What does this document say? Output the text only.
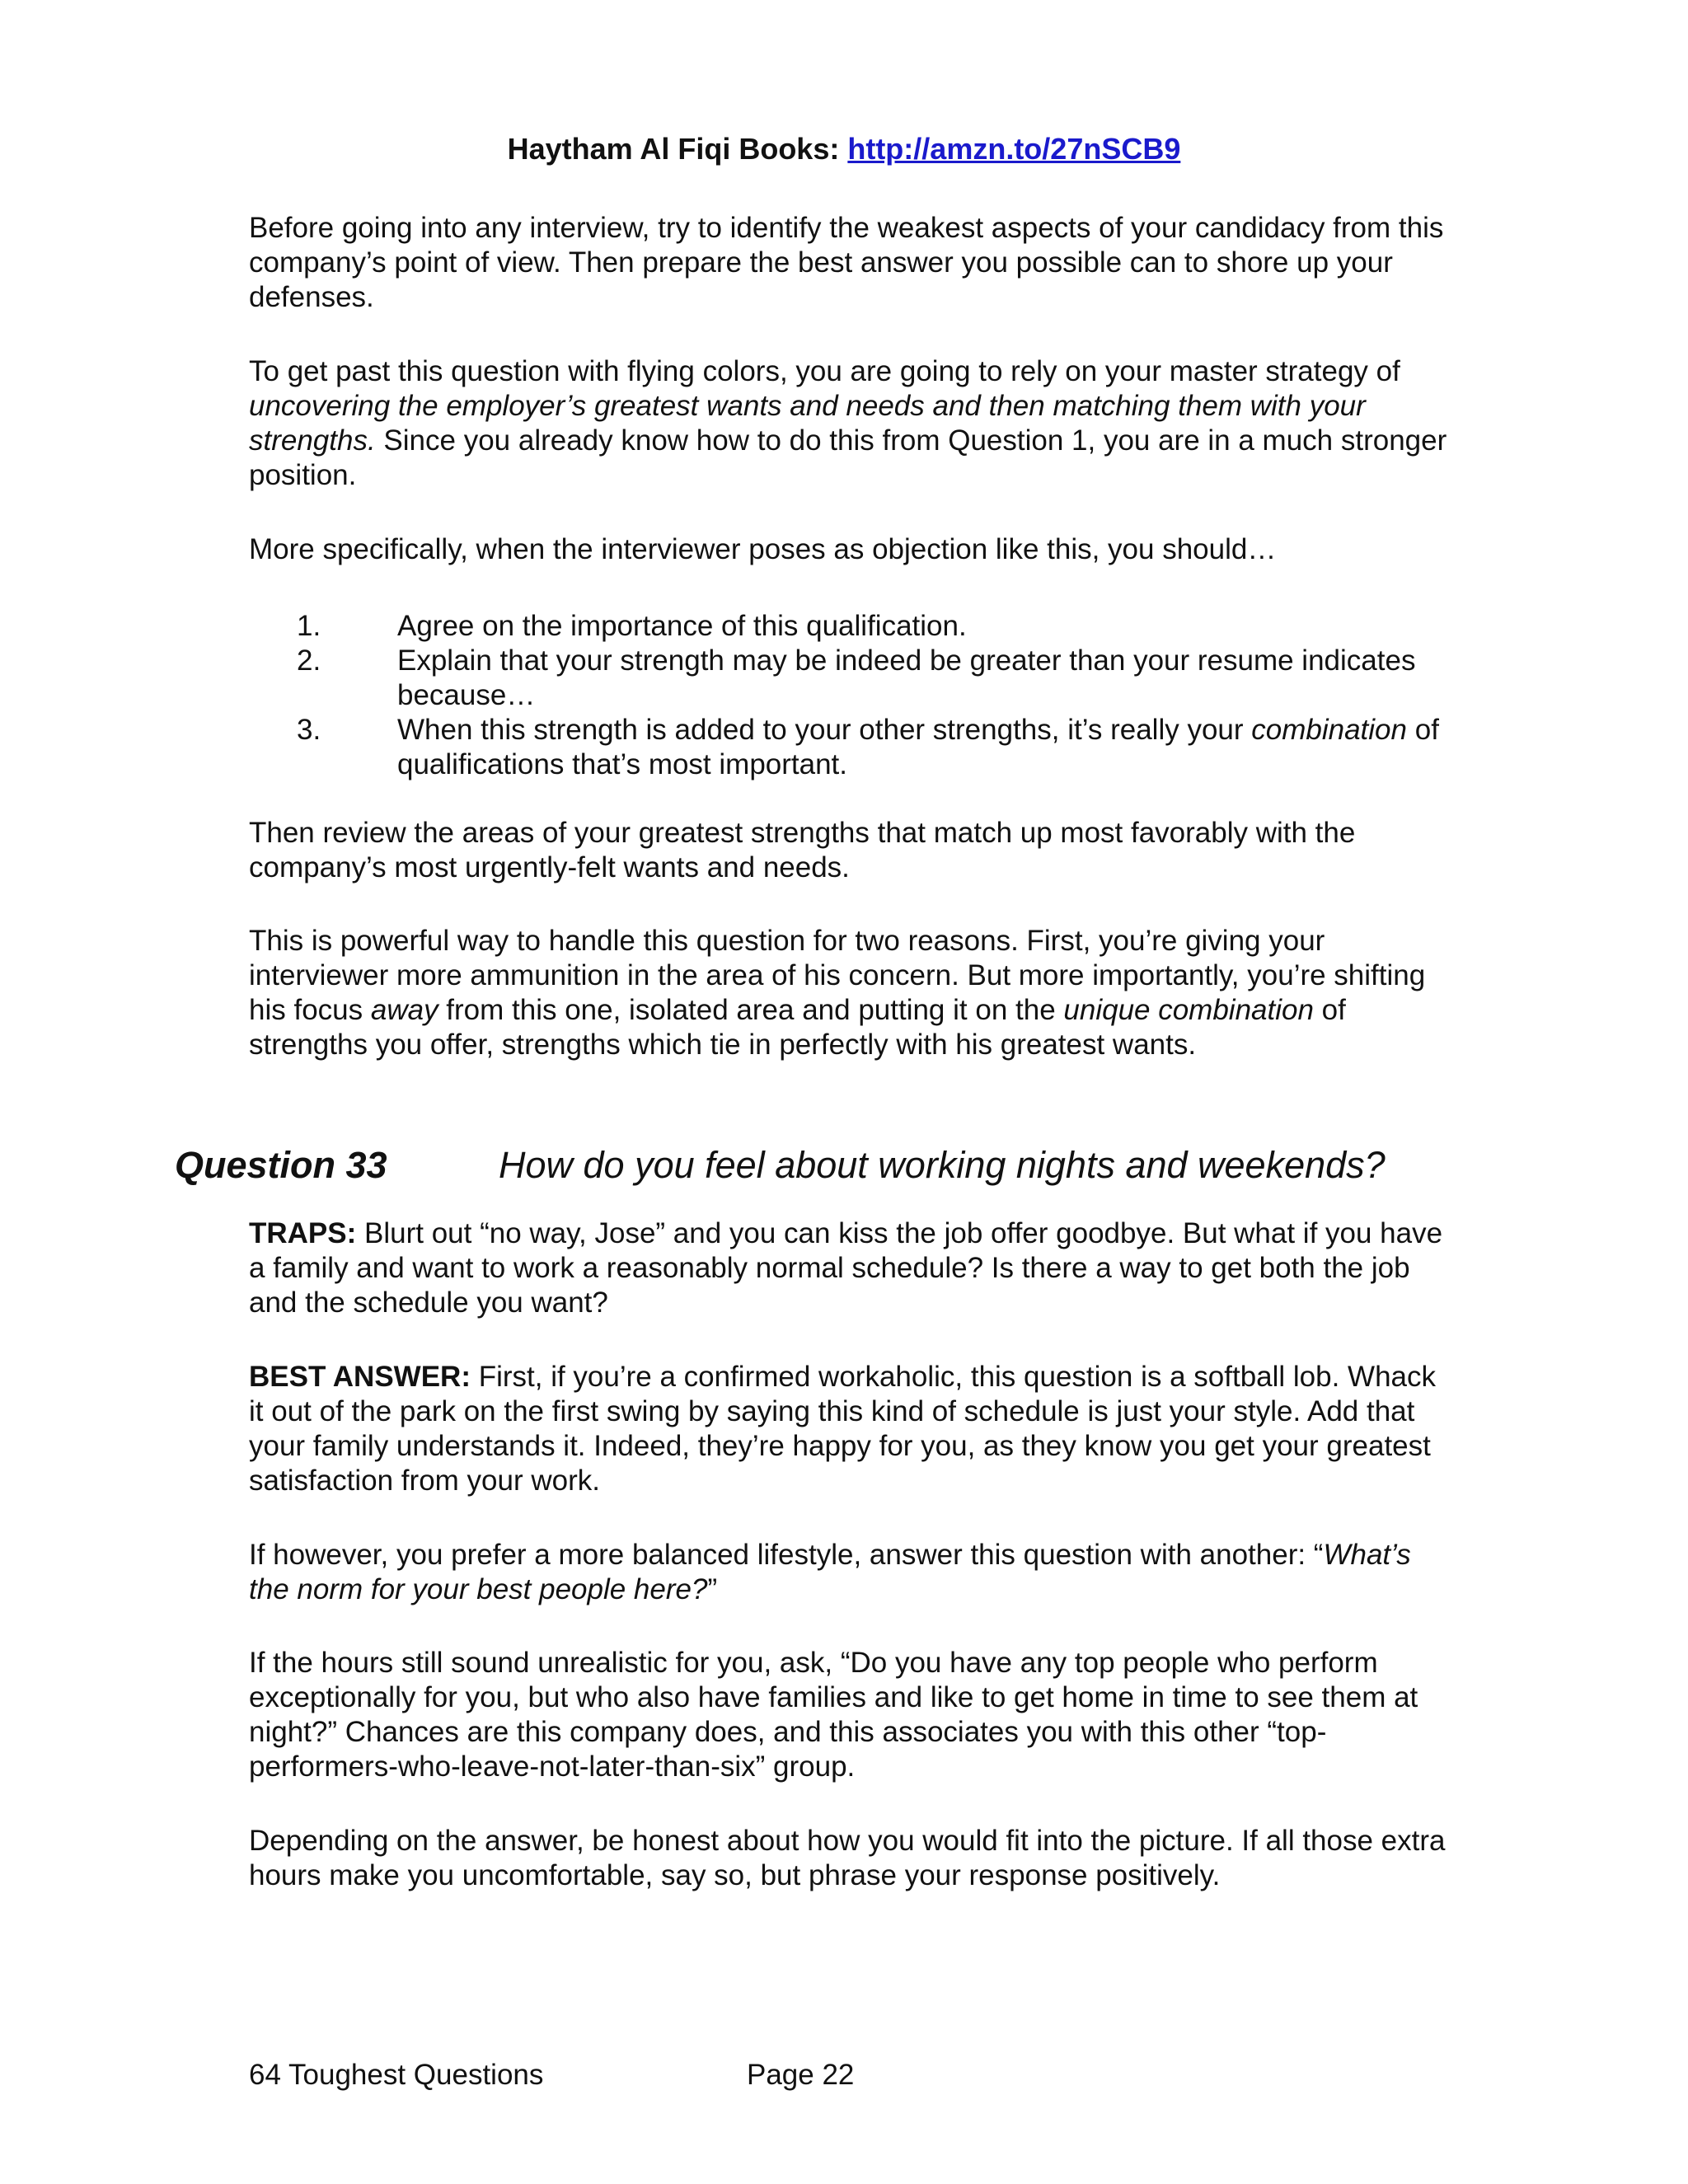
Haytham Al Fiqi Books: http://amzn.to/27nSCB9

Before going into any interview, try to identify the weakest aspects of your candidacy from this company’s point of view. Then prepare the best answer you possible can to shore up your defenses.

To get past this question with flying colors, you are going to rely on your master strategy of uncovering the employer’s greatest wants and needs and then matching them with your strengths. Since you already know how to do this from Question 1, you are in a much stronger position.

More specifically, when the interviewer poses as objection like this, you should…

1.	Agree on the importance of this qualification.
2.	Explain that your strength may be indeed be greater than your resume indicates because…
3.	When this strength is added to your other strengths, it’s really your combination of qualifications that’s most important.

Then review the areas of your greatest strengths that match up most favorably with the company’s most urgently-felt wants and needs.

This is powerful way to handle this question for two reasons. First, you’re giving your interviewer more ammunition in the area of his concern. But more importantly, you’re shifting his focus away from this one, isolated area and putting it on the unique combination of strengths you offer, strengths which tie in perfectly with his greatest wants.

Question 33	How do you feel about working nights and weekends?

TRAPS: Blurt out “no way, Jose” and you can kiss the job offer goodbye. But what if you have a family and want to work a reasonably normal schedule? Is there a way to get both the job and the schedule you want?

BEST ANSWER: First, if you’re a confirmed workaholic, this question is a softball lob. Whack it out of the park on the first swing by saying this kind of schedule is just your style. Add that your family understands it. Indeed, they’re happy for you, as they know you get your greatest satisfaction from your work.

If however, you prefer a more balanced lifestyle, answer this question with another: “What’s the norm for your best people here?”

If the hours still sound unrealistic for you, ask, “Do you have any top people who perform exceptionally for you, but who also have families and like to get home in time to see them at night?” Chances are this company does, and this associates you with this other “top-performers-who-leave-not-later-than-six” group.

Depending on the answer, be honest about how you would fit into the picture. If all those extra hours make you uncomfortable, say so, but phrase your response positively.

64 Toughest Questions	Page 22
